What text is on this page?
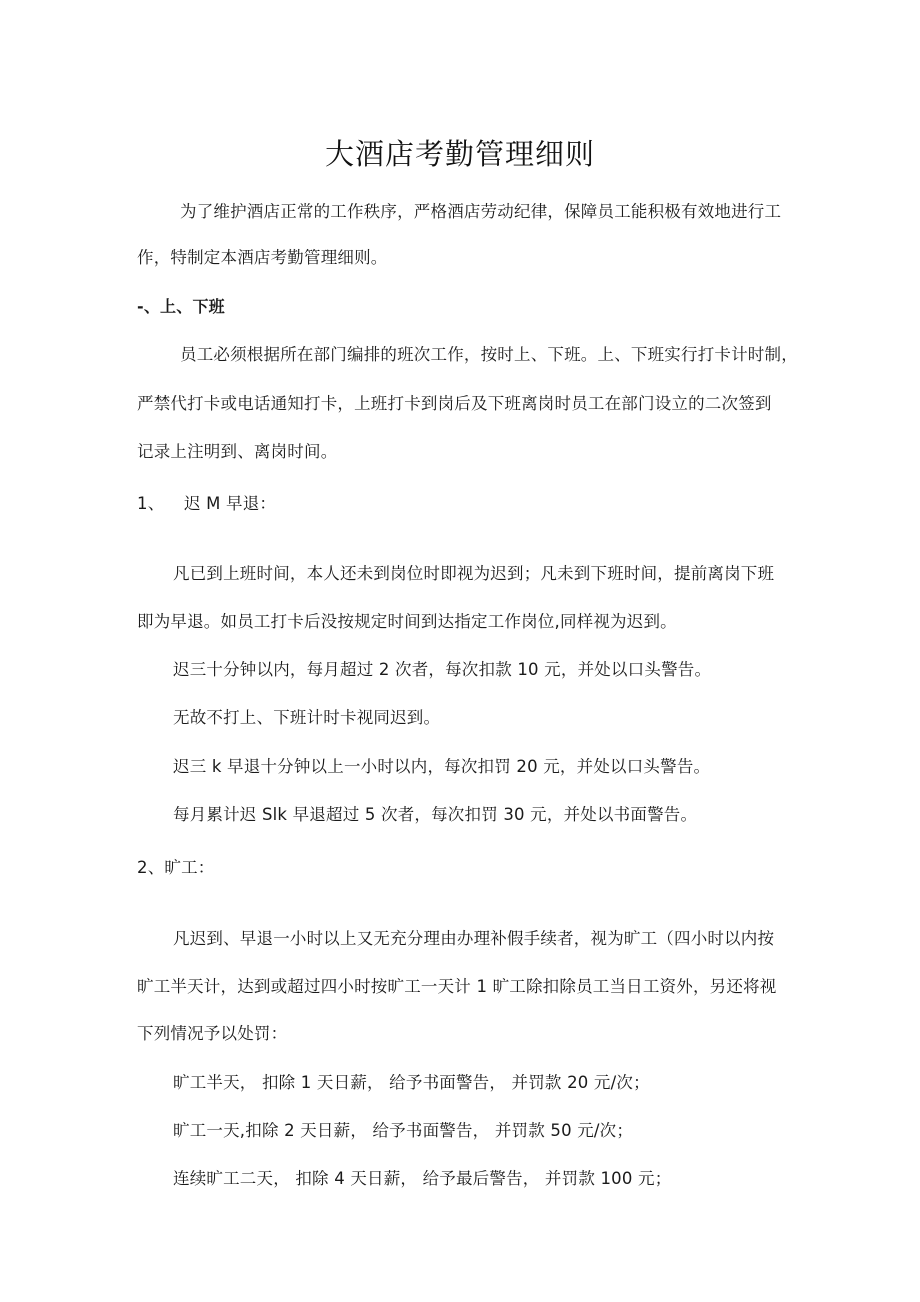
大酒店考勤管理细则
为了维护酒店正常的工作秩序，严格酒店劳动纪律，保障员工能积极有效地进行工
作，特制定本酒店考勤管理细则。
-、上、下班
员工必须根据所在部门编排的班次工作，按时上、下班。上、下班实行打卡计时制，
严禁代打卡或电话通知打卡，上班打卡到岗后及下班离岗时员工在部门设立的二次签到
记录上注明到、离岗时间。
1、 迟 M 早退：
凡已到上班时间，本人还未到岗位时即视为迟到；凡未到下班时间，提前离岗下班
即为早退。如员工打卡后没按规定时间到达指定工作岗位,同样视为迟到。
迟三十分钟以内，每月超过 2 次者，每次扣款 10 元，并处以口头警告。
无故不打上、下班计时卡视同迟到。
迟三 k 早退十分钟以上一小时以内，每次扣罚 20 元，并处以口头警告。
每月累计迟 Slk 早退超过 5 次者，每次扣罚 30 元，并处以书面警告。
2、旷工：
凡迟到、早退一小时以上又无充分理由办理补假手续者，视为旷工（四小时以内按
旷工半天计，达到或超过四小时按旷工一天计 1 旷工除扣除员工当日工资外，另还将视
下列情况予以处罚：
旷工半天， 扣除 1 天日薪， 给予书面警告， 并罚款 20 元/次；
旷工一天,扣除 2 天日薪， 给予书面警告， 并罚款 50 元/次；
连续旷工二天， 扣除 4 天日薪， 给予最后警告， 并罚款 100 元；
